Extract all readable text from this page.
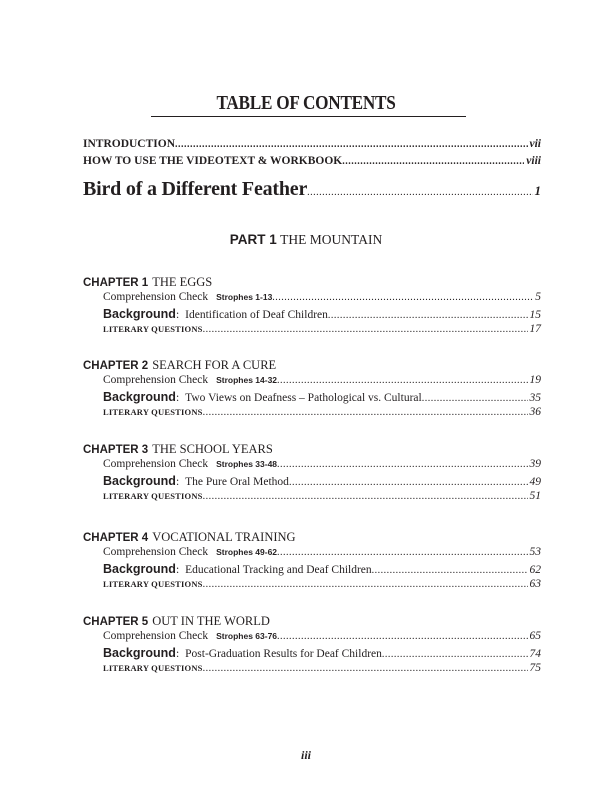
TABLE OF CONTENTS
INTRODUCTION .....	vii
HOW TO USE THE VIDEOTEXT & WORKBOOK .....	viii
Bird of a Different Feather .....	1
PART 1 THE MOUNTAIN
CHAPTER 1 THE EGGS
Comprehension Check Strophes 1-13 .....	5
Background : Identification of Deaf Children .....	15
LITERARY QUESTIONS .....	17
CHAPTER 2 SEARCH FOR A CURE
Comprehension Check Strophes 14-32 .....	19
Background : Two Views on Deafness – Pathological vs. Cultural .....	35
LITERARY QUESTIONS .....	36
CHAPTER 3 THE SCHOOL YEARS
Comprehension Check Strophes 33-48 .....	39
Background : The Pure Oral Method .....	49
LITERARY QUESTIONS .....	51
CHAPTER 4 VOCATIONAL TRAINING
Comprehension Check Strophes 49-62 .....	53
Background : Educational Tracking and Deaf Children .....	62
LITERARY QUESTIONS .....	63
CHAPTER 5 OUT IN THE WORLD
Comprehension Check Strophes 63-76 .....	65
Background : Post-Graduation Results for Deaf Children .....	74
LITERARY QUESTIONS .....	75
iii
